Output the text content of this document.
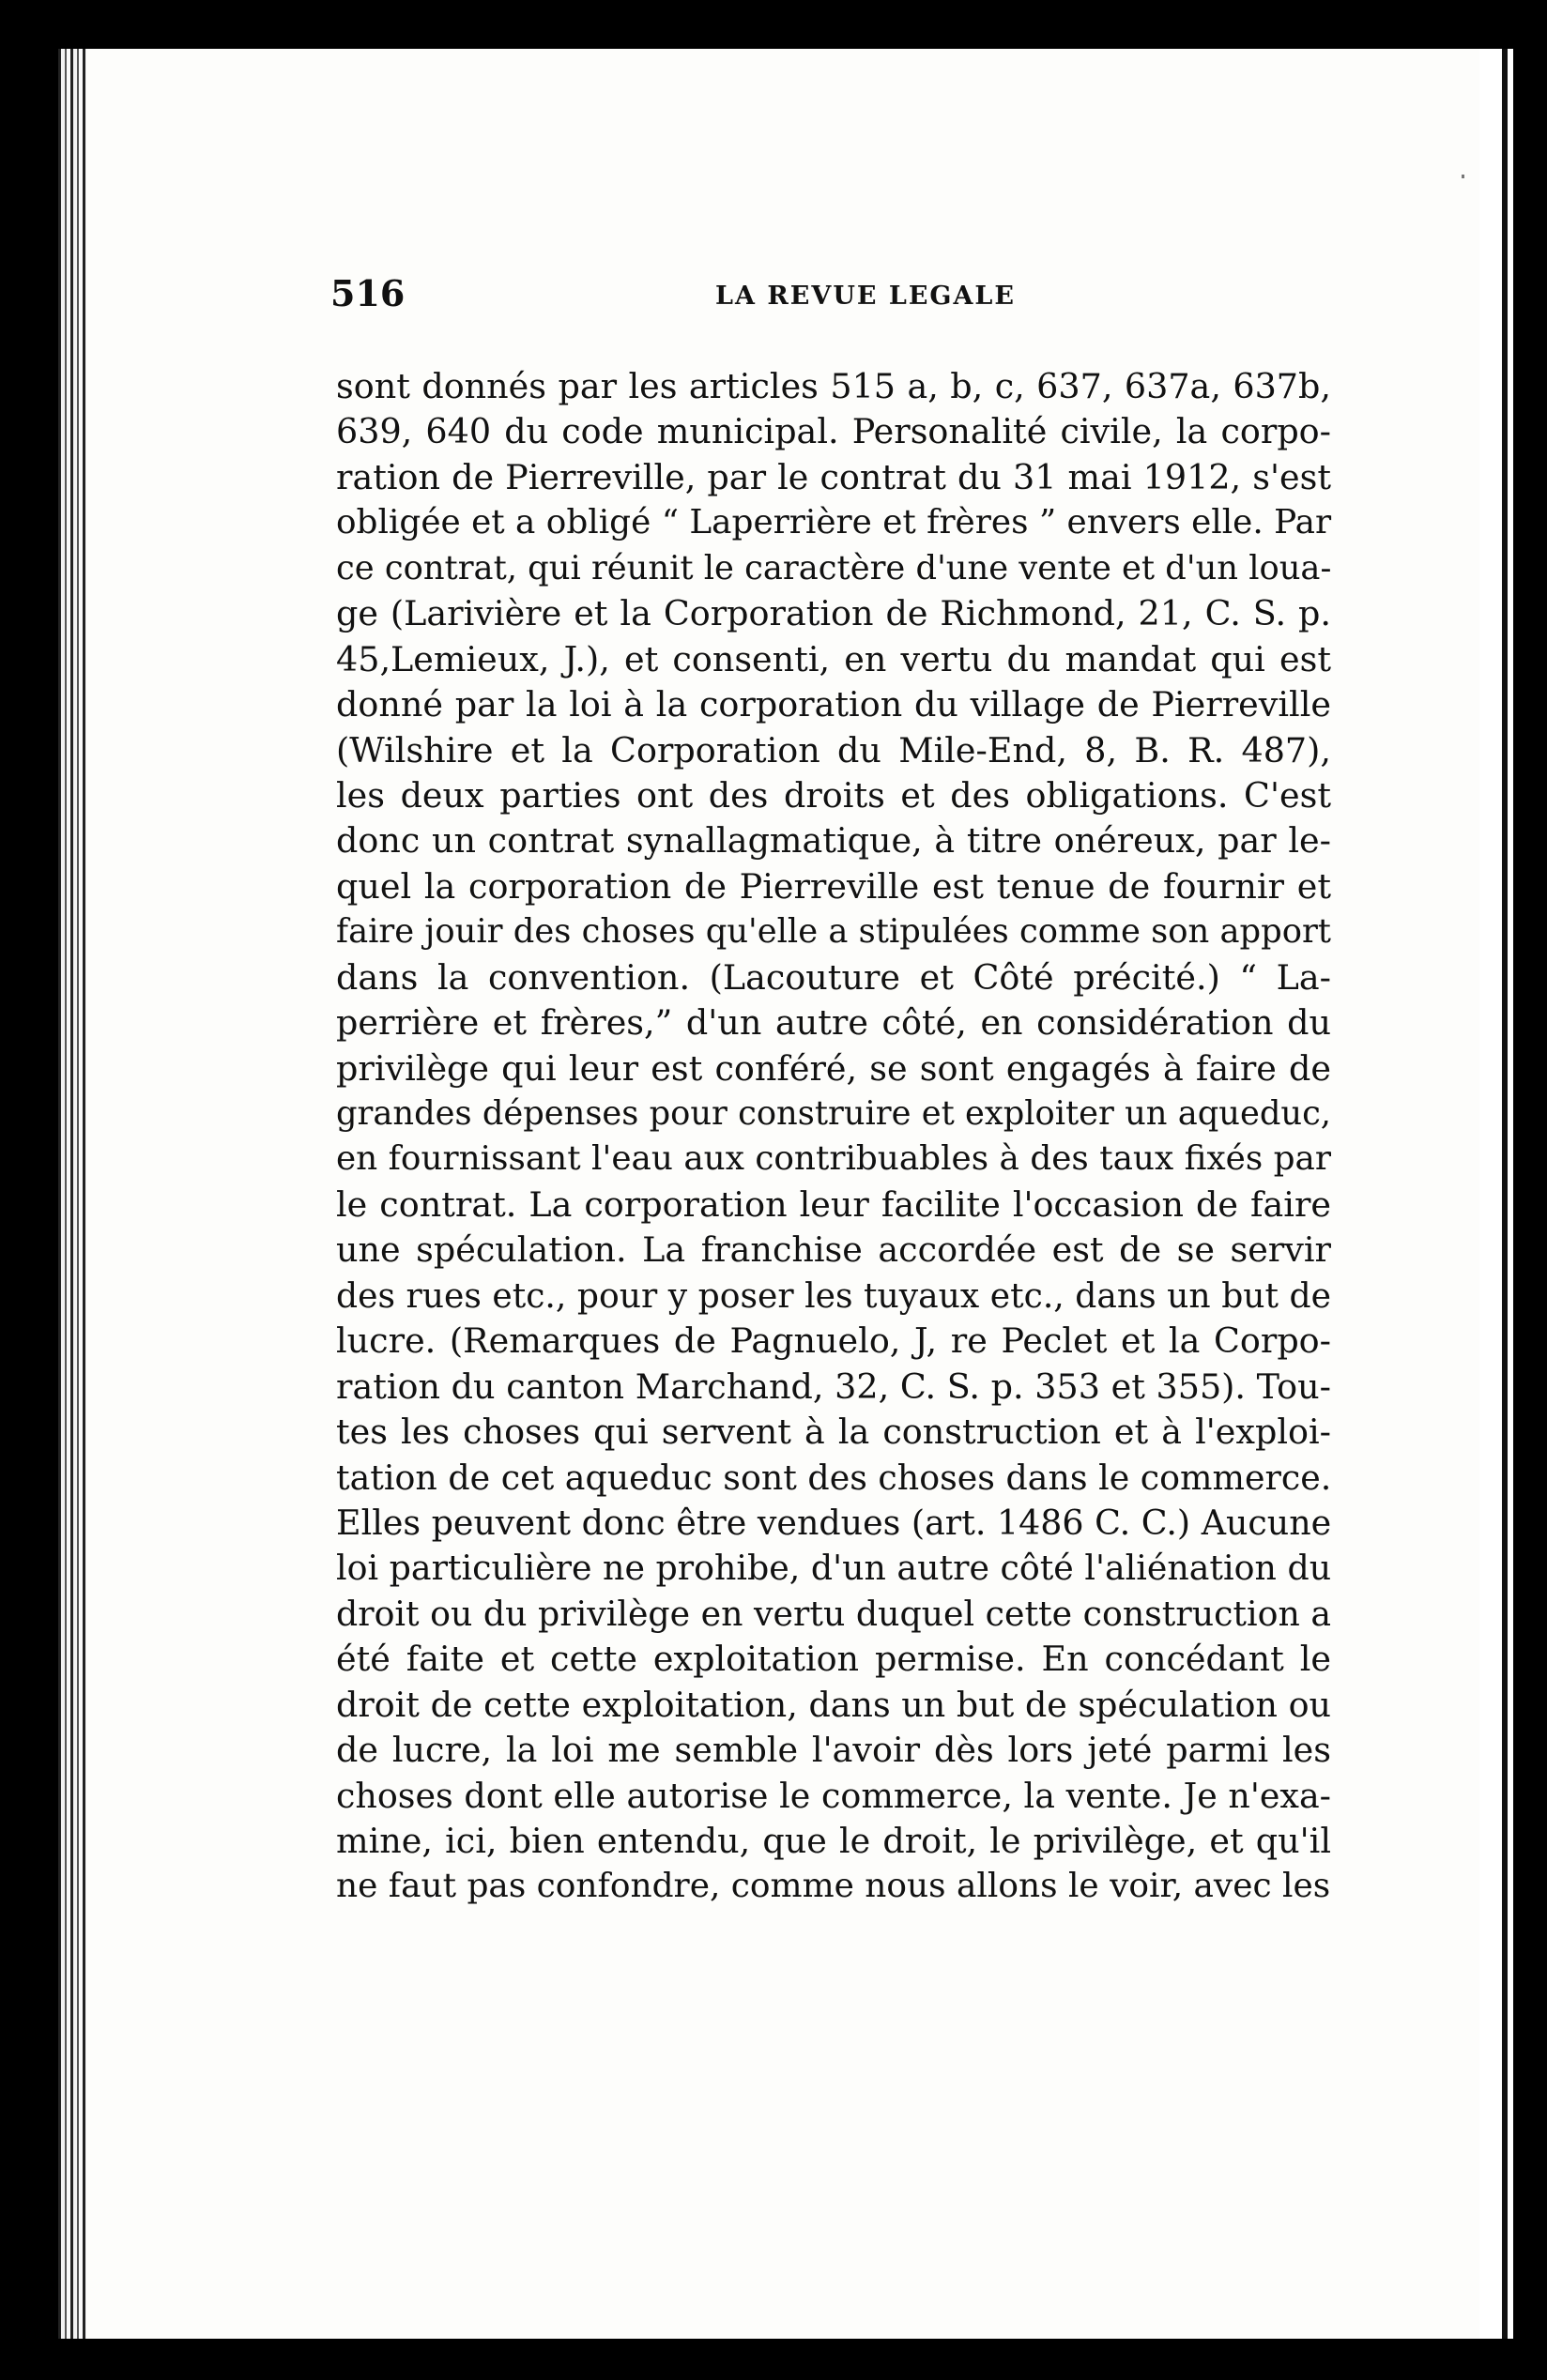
516	LA REVUE LEGALE
sont donnés par les articles 515 a, b, c, 637, 637a, 637b,
639, 640 du code municipal. Personalité civile, la corpo-
ration de Pierreville, par le contrat du 31 mai 1912, s'est
obligée et a obligé “ Laperrière et frères ” envers elle. Par
ce contrat, qui réunit le caractère d'une vente et d'un loua-
ge (Larivière et la Corporation de Richmond, 21, C. S. p.
45,Lemieux, J.), et consenti, en vertu du mandat qui est
donné par la loi à la corporation du village de Pierreville
(Wilshire et la Corporation du Mile-End, 8, B. R. 487),
les deux parties ont des droits et des obligations. C'est
donc un contrat synallagmatique, à titre onéreux, par le-
quel la corporation de Pierreville est tenue de fournir et
faire jouir des choses qu'elle a stipulées comme son apport
dans la convention. (Lacouture et Côté précité.) “ La-
perrière et frères,” d'un autre côté, en considération du
privilège qui leur est conféré, se sont engagés à faire de
grandes dépenses pour construire et exploiter un aqueduc,
en fournissant l'eau aux contribuables à des taux fixés par
le contrat. La corporation leur facilite l'occasion de faire
une spéculation. La franchise accordée est de se servir
des rues etc., pour y poser les tuyaux etc., dans un but de
lucre. (Remarques de Pagnuelo, J, re Peclet et la Corpo-
ration du canton Marchand, 32, C. S. p. 353 et 355). Tou-
tes les choses qui servent à la construction et à l'exploi-
tation de cet aqueduc sont des choses dans le commerce.
Elles peuvent donc être vendues (art. 1486 C. C.) Aucune
loi particulière ne prohibe, d'un autre côté l'aliénation du
droit ou du privilège en vertu duquel cette construction a
été faite et cette exploitation permise. En concédant le
droit de cette exploitation, dans un but de spéculation ou
de lucre, la loi me semble l'avoir dès lors jeté parmi les
choses dont elle autorise le commerce, la vente. Je n'exa-
mine, ici, bien entendu, que le droit, le privilège, et qu'il
ne faut pas confondre, comme nous allons le voir, avec les
